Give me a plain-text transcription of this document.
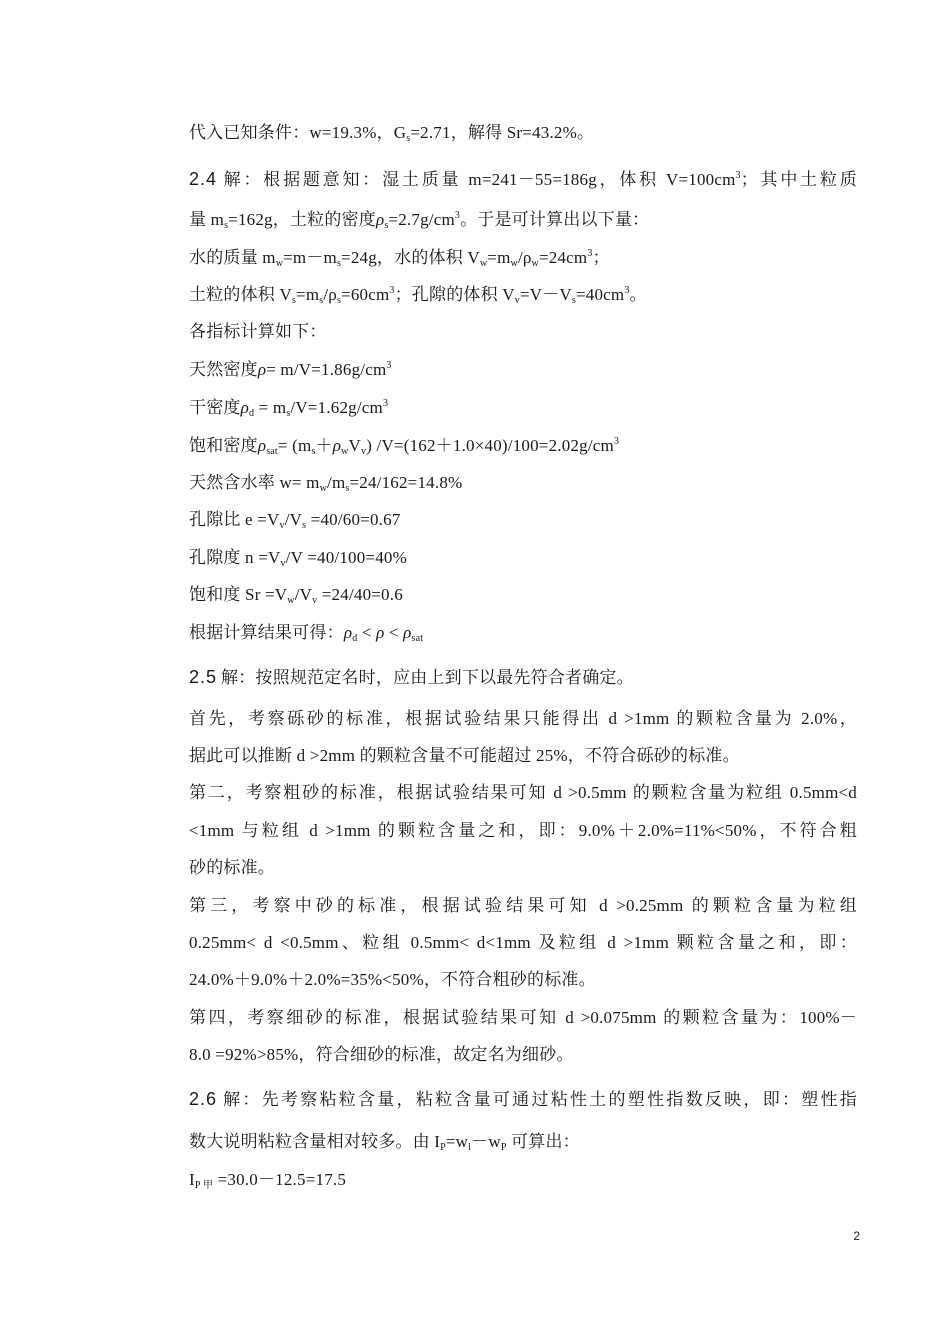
代入已知条件：w=19.3%，$G_s=2.71$，解得 Sr=43.2%。
2.4 解：根据题意知：湿土质量 m=241－55=186g，体积 $V=100cm^3$；其中土粒质
量 $m_s=162g$，土粒的密度$\rho_s=2.7g/cm^3$。于是可计算出以下量：
水的质量 $m_w=m-m_s=24g$，水的体积 $V_w=m_w/\rho_w=24cm^3$；
土粒的体积 $V_s=m_s/\rho_s=60cm^3$；孔隙的体积 $V_v=V-V_s=40cm^3$。
各指标计算如下：
天然密度$\rho= m/V=1.86g/cm^3$
干密度$\rho_d = m_s/V=1.62g/cm^3$
饱和密度$\rho_{sat}= (m_s+\rho_wV_v)$ $/V=(162+1.0\times 40)/100=2.02g/cm^3$
天然含水率 $w= m_w/m_s=24/162=14.8\%$
孔隙比 $e =V_v/V_s =40/60=0.67$
孔隙度 $n =V_v/V =40/100=40\%$
饱和度 $Sr =V_w/V_v =24/40=0.6$
根据计算结果可得：$\rho_d < \rho < \rho_{sat}$
2.5 解：按照规范定名时，应由上到下以最先符合者确定。
首先，考察砾砂的标准，根据试验结果只能得出 d >1mm 的颗粒含量为 2.0%，
据此可以推断 d >2mm 的颗粒含量不可能超过 25%，不符合砾砂的标准。
第二，考察粗砂的标准，根据试验结果可知 d >0.5mm 的颗粒含量为粒组 0.5mm<d
<1mm 与粒组 d >1mm 的颗粒含量之和，即：9.0%＋2.0%=11%<50%，不符合粗
砂的标准。
第三，考察中砂的标准，根据试验结果可知 d >0.25mm 的颗粒含量为粒组
0.25mm< d <0.5mm、粒组 0.5mm< d<1mm 及粒组 d >1mm 颗粒含量之和，即：
24.0%＋9.0%＋2.0%=35%<50%，不符合粗砂的标准。
第四，考察细砂的标准，根据试验结果可知 d >0.075mm 的颗粒含量为：100%－
8.0 =92%>85%，符合细砂的标准，故定名为细砂。
2.6 解：先考察粘粒含量，粘粒含量可通过粘性土的塑性指数反映，即：塑性指
数大说明粘粒含量相对较多。由 $I_P=w_l-w_P$ 可算出：
$I_{P 甲} =30.0-12.5=17.5$
2
